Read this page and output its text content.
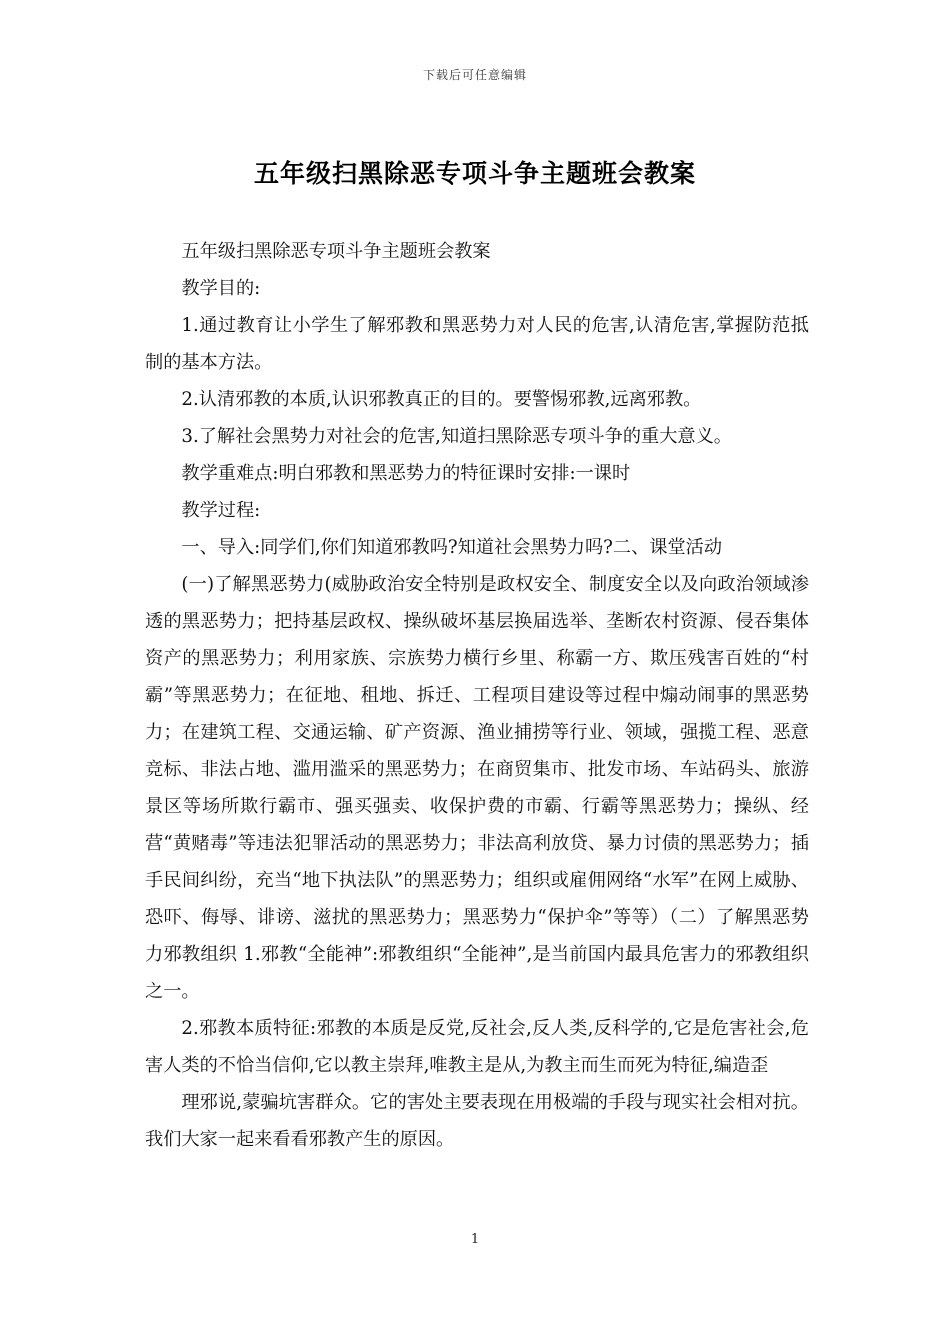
下载后可任意编辑
五年级扫黑除恶专项斗争主题班会教案

五年级扫黑除恶专项斗争主题班会教案

教学目的:

1.通过教育让小学生了解邪教和黑恶势力对人民的危害,认清危害,掌握防范抵制的基本方法。

2.认清邪教的本质,认识邪教真正的目的。要警惕邪教,远离邪教。

3.了解社会黑势力对社会的危害,知道扫黑除恶专项斗争的重大意义。

教学重难点:明白邪教和黑恶势力的特征课时安排:一课时

教学过程:

一、导入:同学们,你们知道邪教吗?知道社会黑势力吗?二、课堂活动

(一)了解黑恶势力(威胁政治安全特别是政权安全、制度安全以及向政治领域渗透的黑恶势力；把持基层政权、操纵破坏基层换届选举、垄断农村资源、侵吞集体资产的黑恶势力；利用家族、宗族势力横行乡里、称霸一方、欺压残害百姓的“村霸”等黑恶势力；在征地、租地、拆迁、工程项目建设等过程中煽动闹事的黑恶势力；在建筑工程、交通运输、矿产资源、渔业捕捞等行业、领域，强揽工程、恶意竞标、非法占地、滥用滥采的黑恶势力；在商贸集市、批发市场、车站码头、旅游景区等场所欺行霸市、强买强卖、收保护费的市霸、行霸等黑恶势力；操纵、经营“黄赌毒”等违法犯罪活动的黑恶势力；非法高利放贷、暴力讨债的黑恶势力；插手民间纠纷，充当“地下执法队”的黑恶势力；组织或雇佣网络“水军”在网上威胁、恐吓、侮辱、诽谤、滋扰的黑恶势力；黑恶势力“保护伞”等等）（二）了解黑恶势力邪教组织 1.邪教“全能神”:邪教组织“全能神”,是当前国内最具危害力的邪教组织之一。

2.邪教本质特征:邪教的本质是反党,反社会,反人类,反科学的,它是危害社会,危害人类的不恰当信仰,它以教主崇拜,唯教主是从,为教主而生而死为特征,编造歪

理邪说,蒙骗坑害群众。它的害处主要表现在用极端的手段与现实社会相对抗。我们大家一起来看看邪教产生的原因。

1
